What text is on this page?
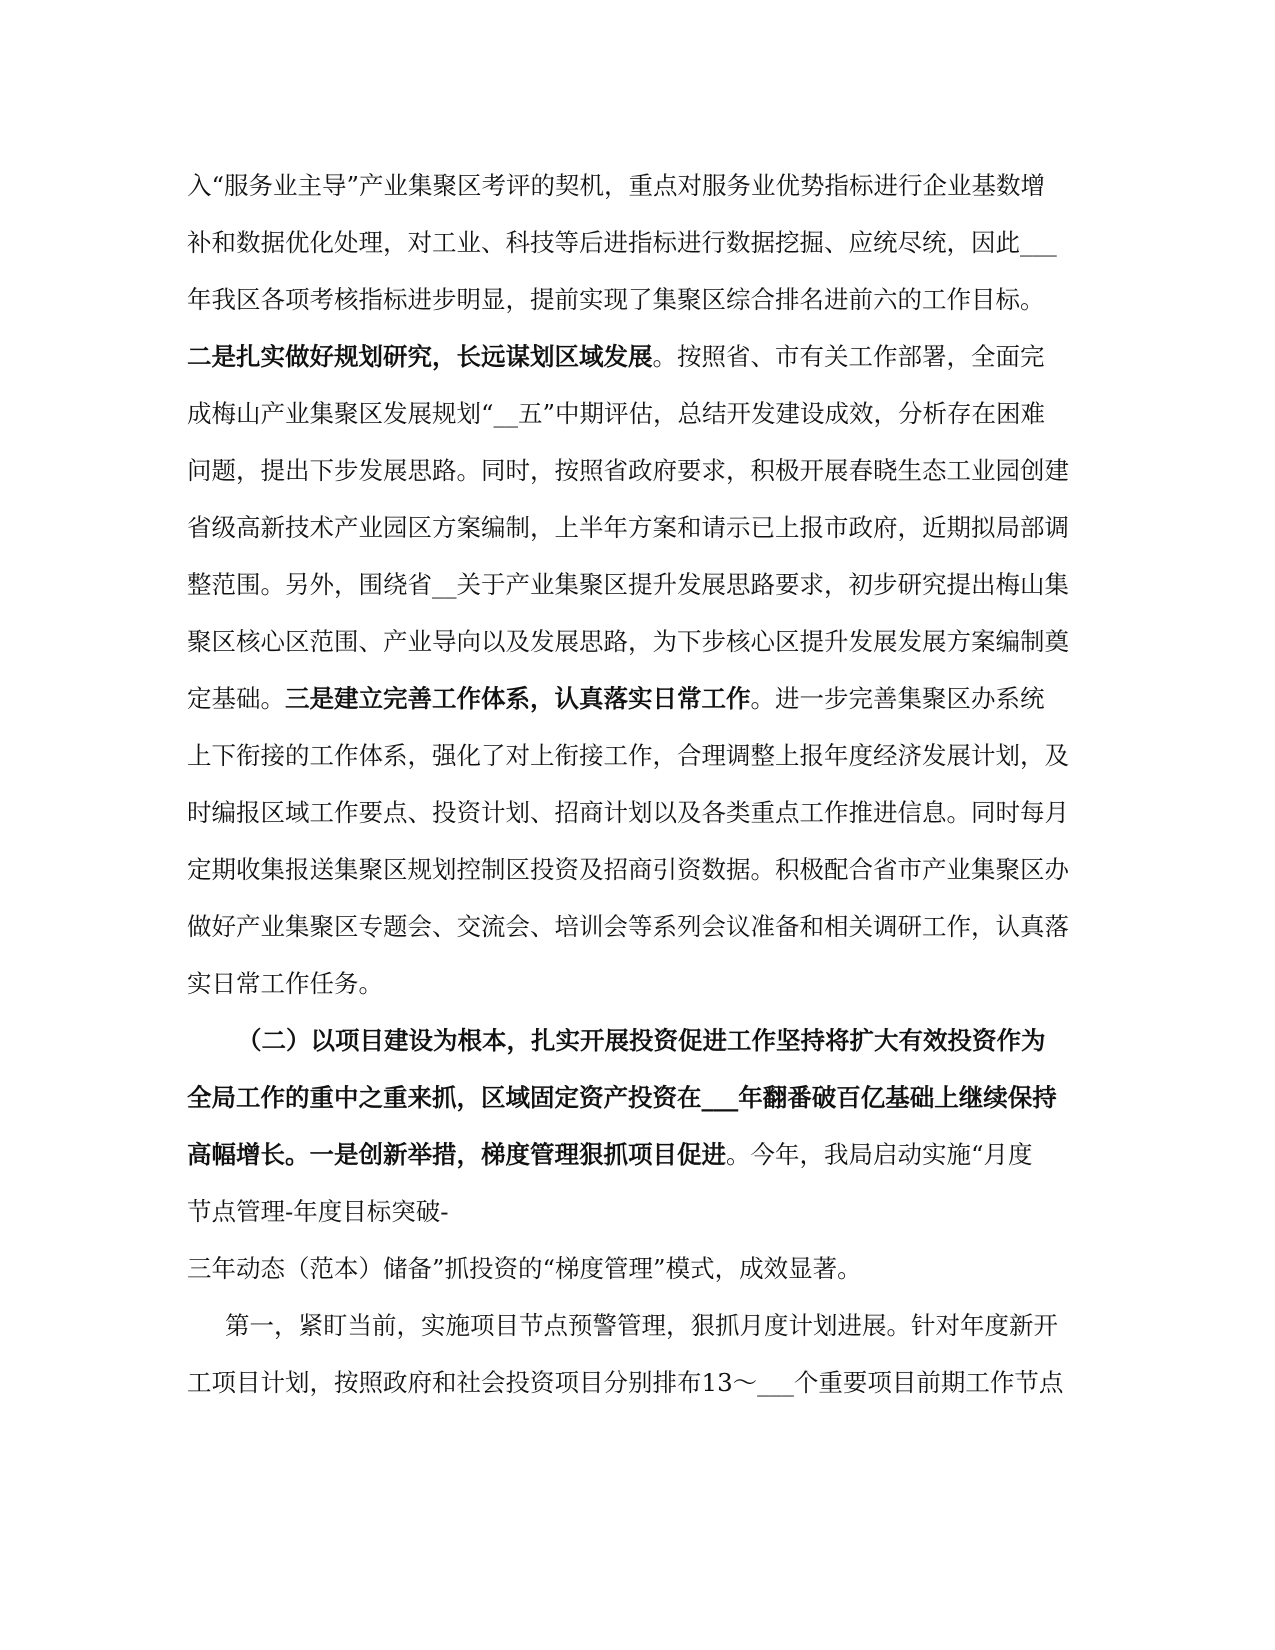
入“服务业主导”产业集聚区考评的契机，重点对服务业优势指标进行企业基数增
补和数据优化处理，对工业、科技等后进指标进行数据挖掘、应统尽统，因此___
年我区各项考核指标进步明显，提前实现了集聚区综合排名进前六的工作目标。
二是扎实做好规划研究，长远谋划区域发展。按照省、市有关工作部署，全面完
成梅山产业集聚区发展规划“__五”中期评估，总结开发建设成效，分析存在困难
问题，提出下步发展思路。同时，按照省政府要求，积极开展春晓生态工业园创建
省级高新技术产业园区方案编制，上半年方案和请示已上报市政府，近期拟局部调
整范围。另外，围绕省__关于产业集聚区提升发展思路要求，初步研究提出梅山集
聚区核心区范围、产业导向以及发展思路，为下步核心区提升发展发展方案编制奠
定基础。三是建立完善工作体系，认真落实日常工作。进一步完善集聚区办系统
上下衔接的工作体系，强化了对上衔接工作，合理调整上报年度经济发展计划，及
时编报区域工作要点、投资计划、招商计划以及各类重点工作推进信息。同时每月
定期收集报送集聚区规划控制区投资及招商引资数据。积极配合省市产业集聚区办
做好产业集聚区专题会、交流会、培训会等系列会议准备和相关调研工作，认真落
实日常工作任务。
（二）以项目建设为根本，扎实开展投资促进工作坚持将扩大有效投资作为
全局工作的重中之重来抓，区域固定资产投资在___年翻番破百亿基础上继续保持
高幅增长。一是创新举措，梯度管理狠抓项目促进。今年，我局启动实施“月度
节点管理-年度目标突破-
三年动态（范本）储备”抓投资的“梯度管理”模式，成效显著。
第一，紧盯当前，实施项目节点预警管理，狠抓月度计划进展。针对年度新开
工项目计划，按照政府和社会投资项目分别排布13～___个重要项目前期工作节点
